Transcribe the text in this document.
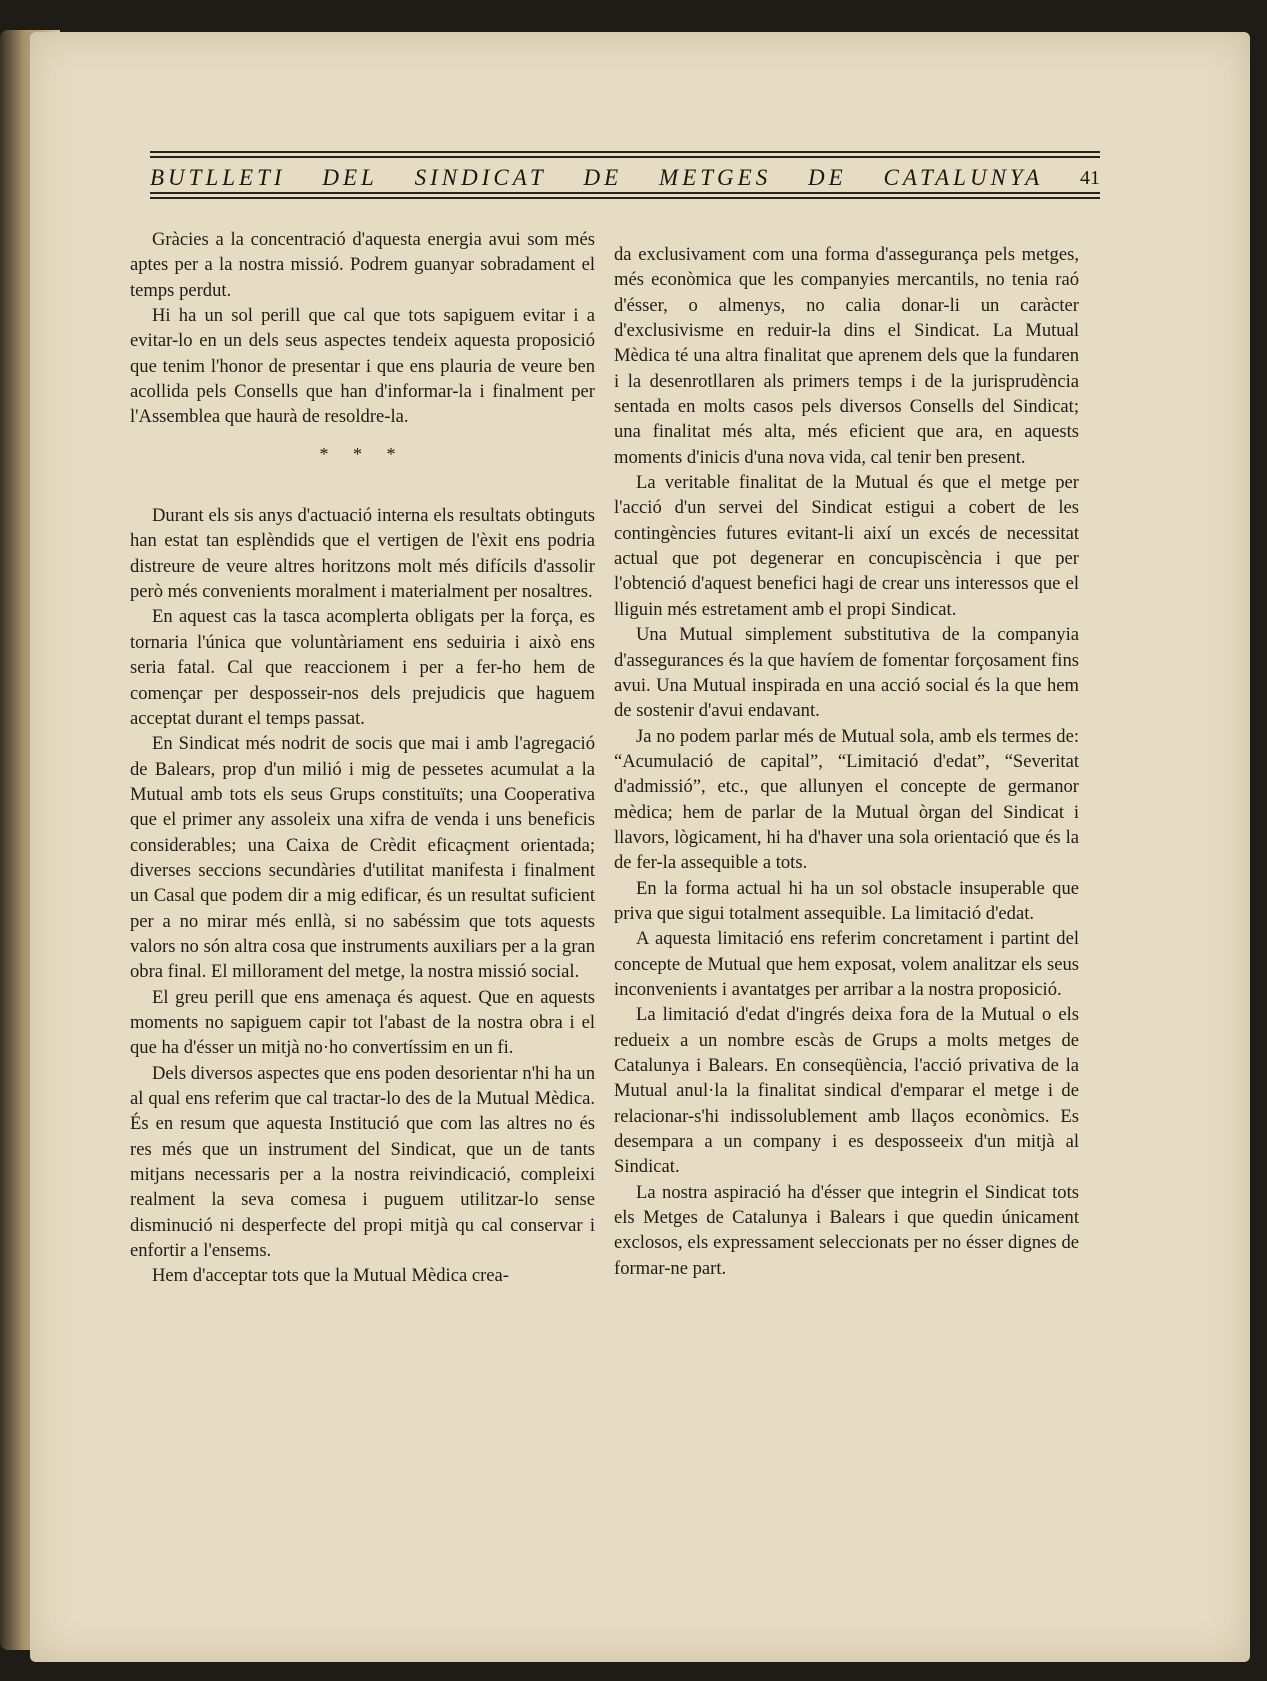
BUTLLETI DEL SINDICAT DE METGES DE CATALUNYA 41

Gràcies a la concentració d'aquesta energia avui som més aptes per a la nostra missió. Podrem guanyar sobradament el temps perdut.

Hi ha un sol perill que cal que tots sapiguem evitar i a evitar-lo en un dels seus aspectes tendeix aquesta proposició que tenim l'honor de presentar i que ens plauria de veure ben acollida pels Consells que han d'informar-la i finalment per l'Assemblea que haurà de resoldre-la.

* * *

Durant els sis anys d'actuació interna els resultats obtinguts han estat tan esplèndids que el vertigen de l'èxit ens podria distreure de veure altres horitzons molt més difícils d'assolir però més convenients moralment i materialment per nosaltres.

En aquest cas la tasca acomplerta obligats per la força, es tornaria l'única que voluntàriament ens seduiria i això ens seria fatal. Cal que reaccionem i per a fer-ho hem de començar per desposseir-nos dels prejudicis que haguem acceptat durant el temps passat.

En Sindicat més nodrit de socis que mai i amb l'agregació de Balears, prop d'un milió i mig de pessetes acumulat a la Mutual amb tots els seus Grups constituïts; una Cooperativa que el primer any assoleix una xifra de venda i uns beneficis considerables; una Caixa de Crèdit eficaçment orientada; diverses seccions secundàries d'utilitat manifesta i finalment un Casal que podem dir a mig edificar, és un resultat suficient per a no mirar més enllà, si no sabéssim que tots aquests valors no són altra cosa que instruments auxiliars per a la gran obra final. El millorament del metge, la nostra missió social.

El greu perill que ens amenaça és aquest. Que en aquests moments no sapiguem capir tot l'abast de la nostra obra i el que ha d'ésser un mitjà no·ho convertíssim en un fi.

Dels diversos aspectes que ens poden desorientar n'hi ha un al qual ens referim que cal tractar-lo des de la Mutual Mèdica. És en resum que aquesta Institució que com las altres no és res més que un instrument del Sindicat, que un de tants mitjans necessaris per a la nostra reivindicació, compleixi realment la seva comesa i puguem utilitzar-lo sense disminució ni desperfecte del propi mitjà qu cal conservar i enfortir a l'ensems.

Hem d'acceptar tots que la Mutual Mèdica crea-

da exclusivament com una forma d'assegurança pels metges, més econòmica que les companyies mercantils, no tenia raó d'ésser, o almenys, no calia donar-li un caràcter d'exclusivisme en reduir-la dins el Sindicat. La Mutual Mèdica té una altra finalitat que aprenem dels que la fundaren i la desenrotllaren als primers temps i de la jurisprudència sentada en molts casos pels diversos Consells del Sindicat; una finalitat més alta, més eficient que ara, en aquests moments d'inicis d'una nova vida, cal tenir ben present.

La veritable finalitat de la Mutual és que el metge per l'acció d'un servei del Sindicat estigui a cobert de les contingències futures evitant-li així un excés de necessitat actual que pot degenerar en concupiscència i que per l'obtenció d'aquest benefici hagi de crear uns interessos que el lliguin més estretament amb el propi Sindicat.

Una Mutual simplement substitutiva de la companyia d'assegurances és la que havíem de fomentar forçosament fins avui. Una Mutual inspirada en una acció social és la que hem de sostenir d'avui endavant.

Ja no podem parlar més de Mutual sola, amb els termes de: “Acumulació de capital”, “Limitació d'edat”, “Severitat d'admissió”, etc., que allunyen el concepte de germanor mèdica; hem de parlar de la Mutual òrgan del Sindicat i llavors, lògicament, hi ha d'haver una sola orientació que és la de fer-la assequible a tots.

En la forma actual hi ha un sol obstacle insuperable que priva que sigui totalment assequible. La limitació d'edat.

A aquesta limitació ens referim concretament i partint del concepte de Mutual que hem exposat, volem analitzar els seus inconvenients i avantatges per arribar a la nostra proposició.

La limitació d'edat d'ingrés deixa fora de la Mutual o els redueix a un nombre escàs de Grups a molts metges de Catalunya i Balears. En conseqüència, l'acció privativa de la Mutual anul·la la finalitat sindical d'emparar el metge i de relacionar-s'hi indissolublement amb llaços econòmics. Es desempara a un company i es desposseeix d'un mitjà al Sindicat.

La nostra aspiració ha d'ésser que integrin el Sindicat tots els Metges de Catalunya i Balears i que quedin únicament exclosos, els expressament seleccionats per no ésser dignes de formar-ne part.
